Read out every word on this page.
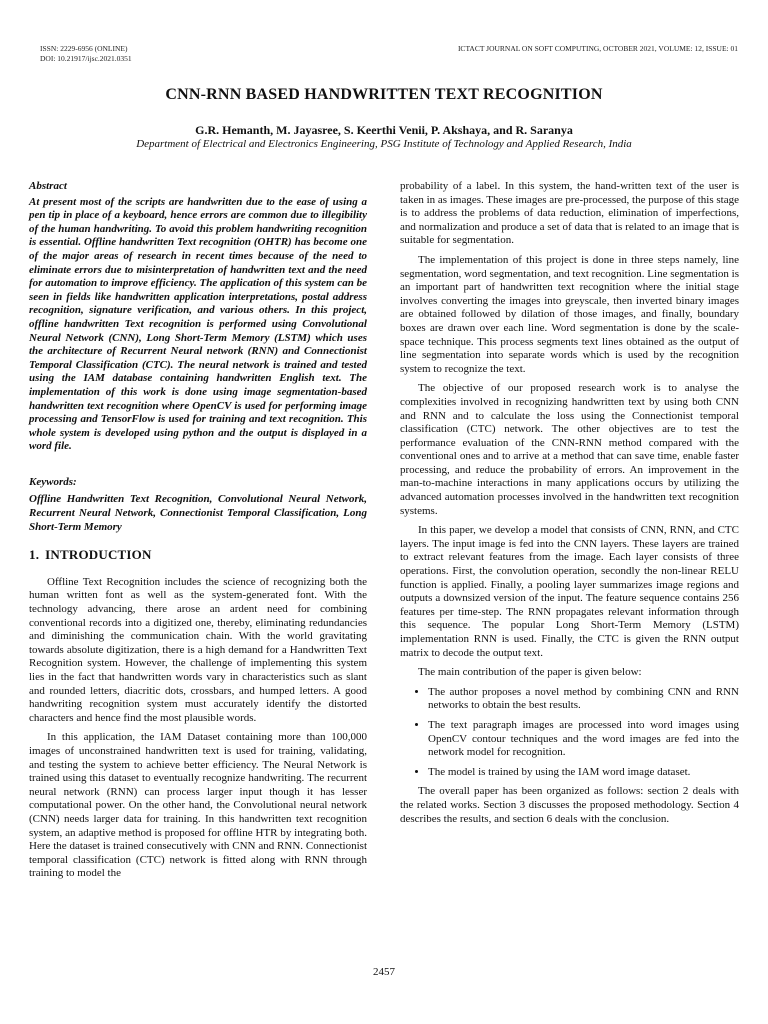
ISSN: 2229-6956 (ONLINE)
DOI: 10.21917/ijsc.2021.0351
ICTACT JOURNAL ON SOFT COMPUTING, OCTOBER 2021, VOLUME: 12, ISSUE: 01
CNN-RNN BASED HANDWRITTEN TEXT RECOGNITION
G.R. Hemanth, M. Jayasree, S. Keerthi Venii, P. Akshaya, and R. Saranya
Department of Electrical and Electronics Engineering, PSG Institute of Technology and Applied Research, India

Abstract

At present most of the scripts are handwritten due to the ease of using a pen tip in place of a keyboard, hence errors are common due to illegibility of the human handwriting. To avoid this problem handwriting recognition is essential. Offline handwritten Text recognition (OHTR) has become one of the major areas of research in recent times because of the need to eliminate errors due to misinterpretation of handwritten text and the need for automation to improve efficiency. The application of this system can be seen in fields like handwritten application interpretations, postal address recognition, signature verification, and various others. In this project, offline handwritten Text recognition is performed using Convolutional Neural Network (CNN), Long Short-Term Memory (LSTM) which uses the architecture of Recurrent Neural network (RNN) and Connectionist Temporal Classification (CTC). The neural network is trained and tested using the IAM database containing handwritten English text. The implementation of this work is done using image segmentation-based handwritten text recognition where OpenCV is used for performing image processing and TensorFlow is used for training and text recognition. This whole system is developed using python and the output is displayed in a word file.

Keywords:

Offline Handwritten Text Recognition, Convolutional Neural Network, Recurrent Neural Network, Connectionist Temporal Classification, Long Short-Term Memory

1. INTRODUCTION

Offline Text Recognition includes the science of recognizing both the human written font as well as the system-generated font. With the technology advancing, there arose an ardent need for combining conventional records into a digitized one, thereby, eliminating redundancies and diminishing the communication chain. With the world gravitating towards absolute digitization, there is a high demand for a Handwritten Text Recognition system. However, the challenge of implementing this system lies in the fact that handwritten words vary in characteristics such as slant and rounded letters, diacritic dots, crossbars, and humped letters. A good handwriting recognition system must accurately identify the distorted characters and hence find the most plausible words.

In this application, the IAM Dataset containing more than 100,000 images of unconstrained handwritten text is used for training, validating, and testing the system to achieve better efficiency. The Neural Network is trained using this dataset to eventually recognize handwriting. The recurrent neural network (RNN) can process larger input though it has lesser computational power. On the other hand, the Convolutional neural network (CNN) needs larger data for training. In this handwritten text recognition system, an adaptive method is proposed for offline HTR by integrating both. Here the dataset is trained consecutively with CNN and RNN. Connectionist temporal classification (CTC) network is fitted along with RNN through training to model the

probability of a label. In this system, the hand-written text of the user is taken in as images. These images are pre-processed, the purpose of this stage is to address the problems of data reduction, elimination of imperfections, and normalization and produce a set of data that is related to an image that is suitable for segmentation.

The implementation of this project is done in three steps namely, line segmentation, word segmentation, and text recognition. Line segmentation is an important part of handwritten text recognition where the initial stage involves converting the images into greyscale, then inverted binary images are obtained followed by dilation of those images, and finally, boundary boxes are drawn over each line. Word segmentation is done by the scale-space technique. This process segments text lines obtained as the output of line segmentation into separate words which is used by the recognition system to recognize the text.

The objective of our proposed research work is to analyse the complexities involved in recognizing handwritten text by using both CNN and RNN and to calculate the loss using the Connectionist temporal classification (CTC) network. The other objectives are to test the performance evaluation of the CNN-RNN method compared with the conventional ones and to arrive at a method that can save time, enable faster processing, and reduce the probability of errors. An improvement in the man-to-machine interactions in many applications occurs by utilizing the advanced automation processes involved in the handwritten text recognition systems.

In this paper, we develop a model that consists of CNN, RNN, and CTC layers. The input image is fed into the CNN layers. These layers are trained to extract relevant features from the image. Each layer consists of three operations. First, the convolution operation, secondly the non-linear RELU function is applied. Finally, a pooling layer summarizes image regions and outputs a downsized version of the input. The feature sequence contains 256 features per time-step. The RNN propagates relevant information through this sequence. The popular Long Short-Term Memory (LSTM) implementation RNN is used. Finally, the CTC is given the RNN output matrix to decode the output text.

The main contribution of the paper is given below:

• The author proposes a novel method by combining CNN and RNN networks to obtain the best results.
• The text paragraph images are processed into word images using OpenCV contour techniques and the word images are fed into the network model for recognition.
• The model is trained by using the IAM word image dataset.

The overall paper has been organized as follows: section 2 deals with the related works. Section 3 discusses the proposed methodology. Section 4 describes the results, and section 6 deals with the conclusion.

2457
